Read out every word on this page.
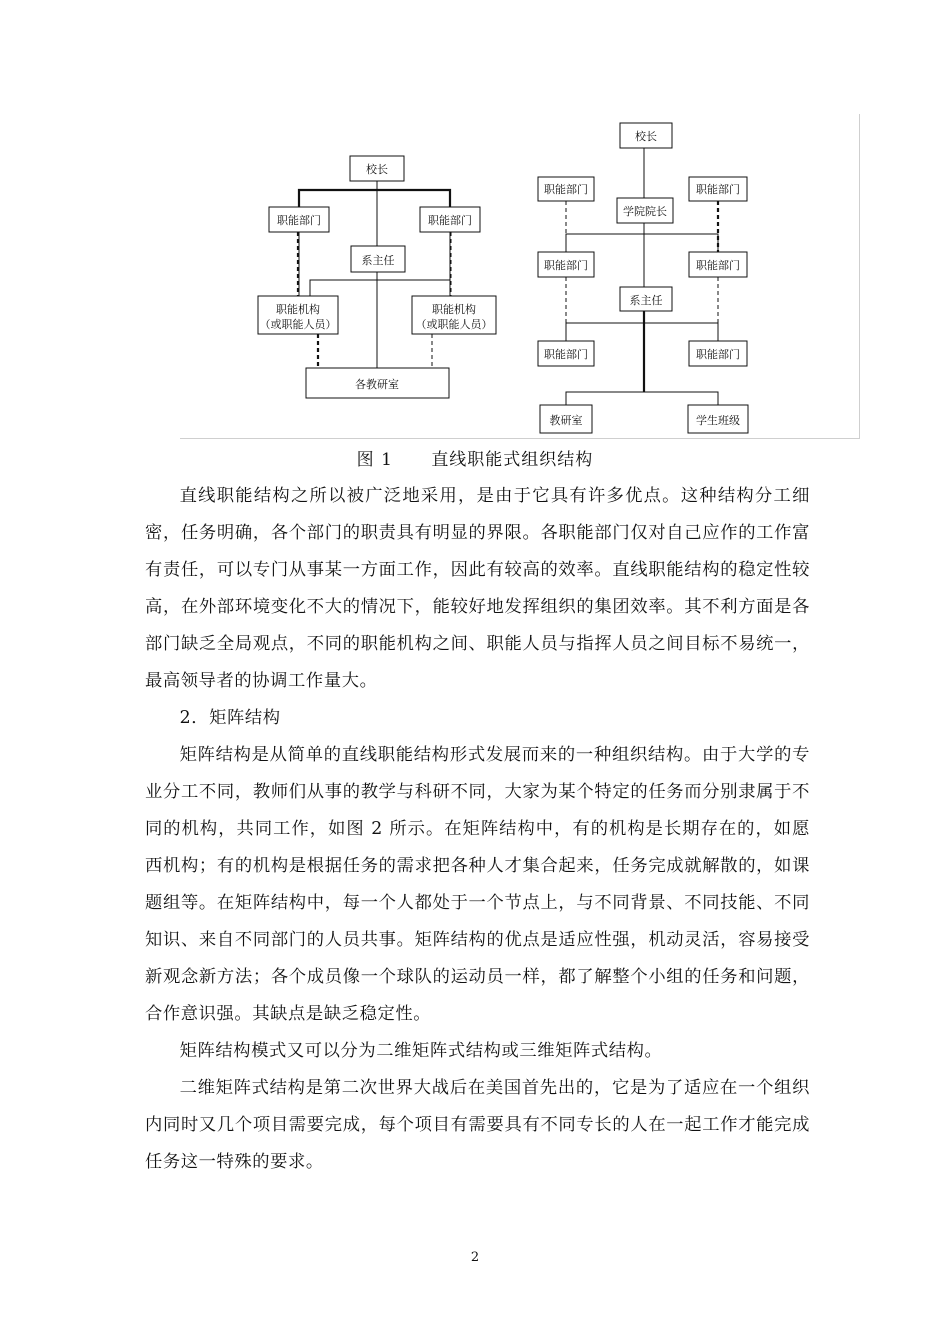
校长
职能部门	职能部门
系主任
职能机构
（或职能人员）
职能机构
（或职能人员）
各教研室
校长
职能部门	职能部门
学院院长
职能部门	职能部门
系主任
职能部门	职能部门
教研室	学生班级
图 1 直线职能式组织结构

直线职能结构之所以被广泛地采用，是由于它具有许多优点。这种结构分工细密，任务明确，各个部门的职责具有明显的界限。各职能部门仅对自己应作的工作富有责任，可以专门从事某一方面工作，因此有较高的效率。直线职能结构的稳定性较高，在外部环境变化不大的情况下，能较好地发挥组织的集团效率。其不利方面是各部门缺乏全局观点，不同的职能机构之间、职能人员与指挥人员之间目标不易统一，最高领导者的协调工作量大。

2．矩阵结构

矩阵结构是从简单的直线职能结构形式发展而来的一种组织结构。由于大学的专业分工不同，教师们从事的教学与科研不同，大家为某个特定的任务而分别隶属于不同的机构，共同工作，如图 2 所示。在矩阵结构中，有的机构是长期存在的，如愿西机构；有的机构是根据任务的需求把各种人才集合起来，任务完成就解散的，如课题组等。在矩阵结构中，每一个人都处于一个节点上，与不同背景、不同技能、不同知识、来自不同部门的人员共事。矩阵结构的优点是适应性强，机动灵活，容易接受新观念新方法；各个成员像一个球队的运动员一样，都了解整个小组的任务和问题，合作意识强。其缺点是缺乏稳定性。

矩阵结构模式又可以分为二维矩阵式结构或三维矩阵式结构。

二维矩阵式结构是第二次世界大战后在美国首先出的，它是为了适应在一个组织内同时又几个项目需要完成，每个项目有需要具有不同专长的人在一起工作才能完成任务这一特殊的要求。

2
